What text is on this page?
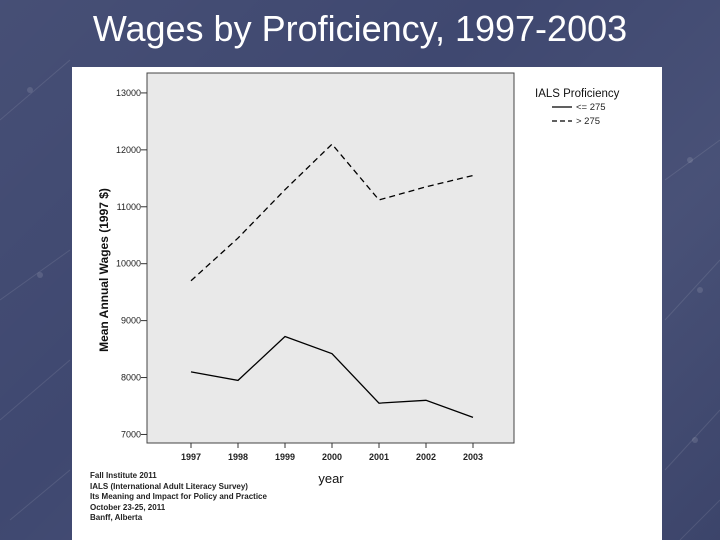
Wages by Proficiency, 1997-2003
7000
8000
9000
10000
11000
12000
13000
1997	1998	1999	2000	2001	2002	2003
Mean Annual Wages (1997 $)
year
IALS Proficiency
<= 275
> 275
Fall Institute 2011
IALS (International Adult Literacy Survey)
Its Meaning and Impact for Policy and Practice
October 23-25, 2011
Banff, Alberta
